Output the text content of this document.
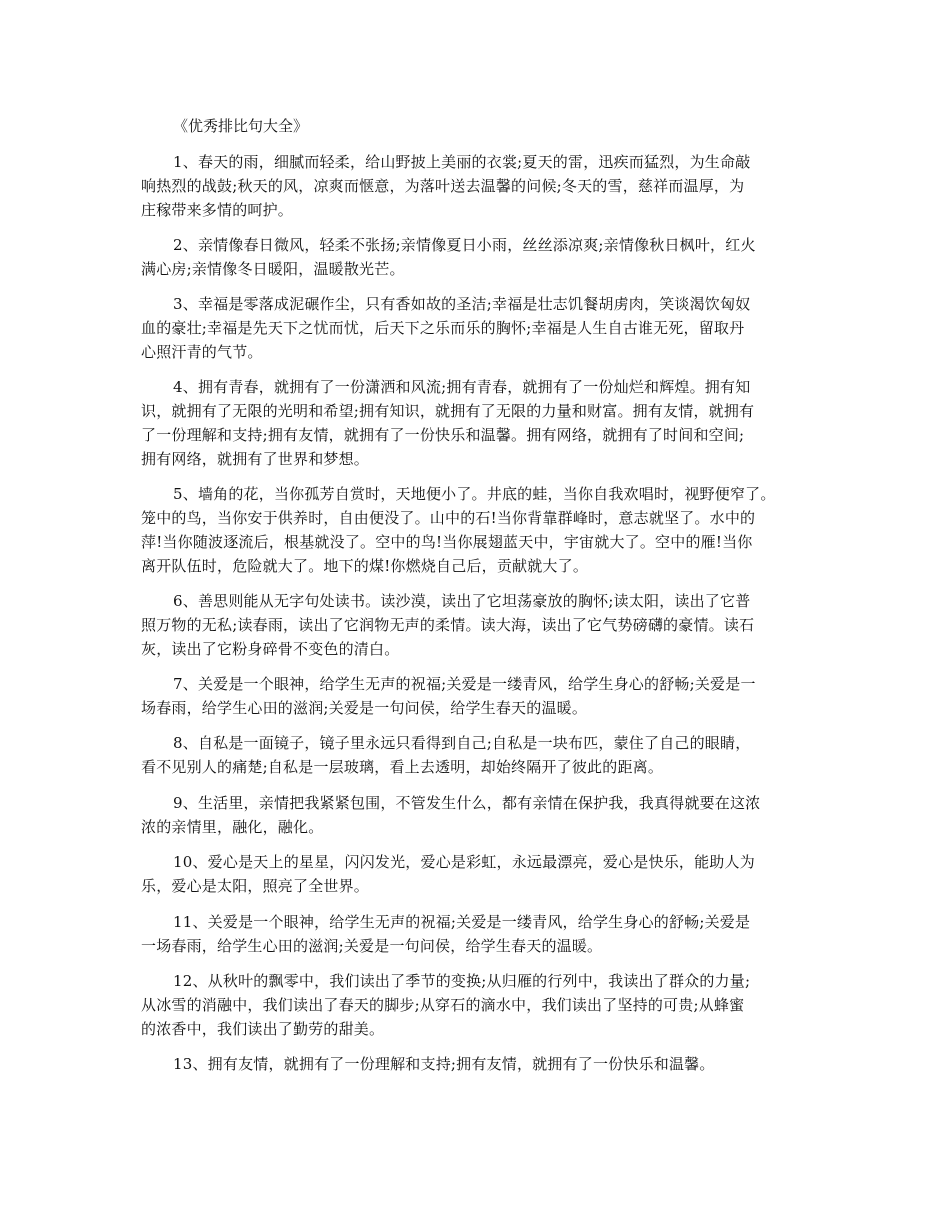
《优秀排比句大全》
1、春天的雨，细腻而轻柔，给山野披上美丽的衣裳;夏天的雷，迅疾而猛烈，为生命敲
响热烈的战鼓;秋天的风，凉爽而惬意，为落叶送去温馨的问候;冬天的雪，慈祥而温厚，为
庄稼带来多情的呵护。
2、亲情像春日微风，轻柔不张扬;亲情像夏日小雨，丝丝添凉爽;亲情像秋日枫叶，红火
满心房;亲情像冬日暖阳，温暖散光芒。
3、幸福是零落成泥碾作尘，只有香如故的圣洁;幸福是壮志饥餐胡虏肉，笑谈渴饮匈奴
血的豪壮;幸福是先天下之忧而忧，后天下之乐而乐的胸怀;幸福是人生自古谁无死，留取丹
心照汗青的气节。
4、拥有青春，就拥有了一份潇洒和风流;拥有青春，就拥有了一份灿烂和辉煌。拥有知
识，就拥有了无限的光明和希望;拥有知识，就拥有了无限的力量和财富。拥有友情，就拥有
了一份理解和支持;拥有友情，就拥有了一份快乐和温馨。拥有网络，就拥有了时间和空间;
拥有网络，就拥有了世界和梦想。
5、墙角的花，当你孤芳自赏时，天地便小了。井底的蛙，当你自我欢唱时，视野便窄了。
笼中的鸟，当你安于供养时，自由便没了。山中的石!当你背靠群峰时，意志就坚了。水中的
萍!当你随波逐流后，根基就没了。空中的鸟!当你展翅蓝天中，宇宙就大了。空中的雁!当你
离开队伍时，危险就大了。地下的煤!你燃烧自己后，贡献就大了。
6、善思则能从无字句处读书。读沙漠，读出了它坦荡豪放的胸怀;读太阳，读出了它普
照万物的无私;读春雨，读出了它润物无声的柔情。读大海，读出了它气势磅礴的豪情。读石
灰，读出了它粉身碎骨不变色的清白。
7、关爱是一个眼神，给学生无声的祝福;关爱是一缕青风，给学生身心的舒畅;关爱是一
场春雨，给学生心田的滋润;关爱是一句问侯，给学生春天的温暖。
8、自私是一面镜子，镜子里永远只看得到自己;自私是一块布匹，蒙住了自己的眼睛，
看不见别人的痛楚;自私是一层玻璃，看上去透明，却始终隔开了彼此的距离。
9、生活里，亲情把我紧紧包围，不管发生什么，都有亲情在保护我，我真得就要在这浓
浓的亲情里，融化，融化。
10、爱心是天上的星星，闪闪发光，爱心是彩虹，永远最漂亮，爱心是快乐，能助人为
乐，爱心是太阳，照亮了全世界。
11、关爱是一个眼神，给学生无声的祝福;关爱是一缕青风，给学生身心的舒畅;关爱是
一场春雨，给学生心田的滋润;关爱是一句问侯，给学生春天的温暖。
12、从秋叶的飘零中，我们读出了季节的变换;从归雁的行列中，我读出了群众的力量;
从冰雪的消融中，我们读出了春天的脚步;从穿石的滴水中，我们读出了坚持的可贵;从蜂蜜
的浓香中，我们读出了勤劳的甜美。
13、拥有友情，就拥有了一份理解和支持;拥有友情，就拥有了一份快乐和温馨。
